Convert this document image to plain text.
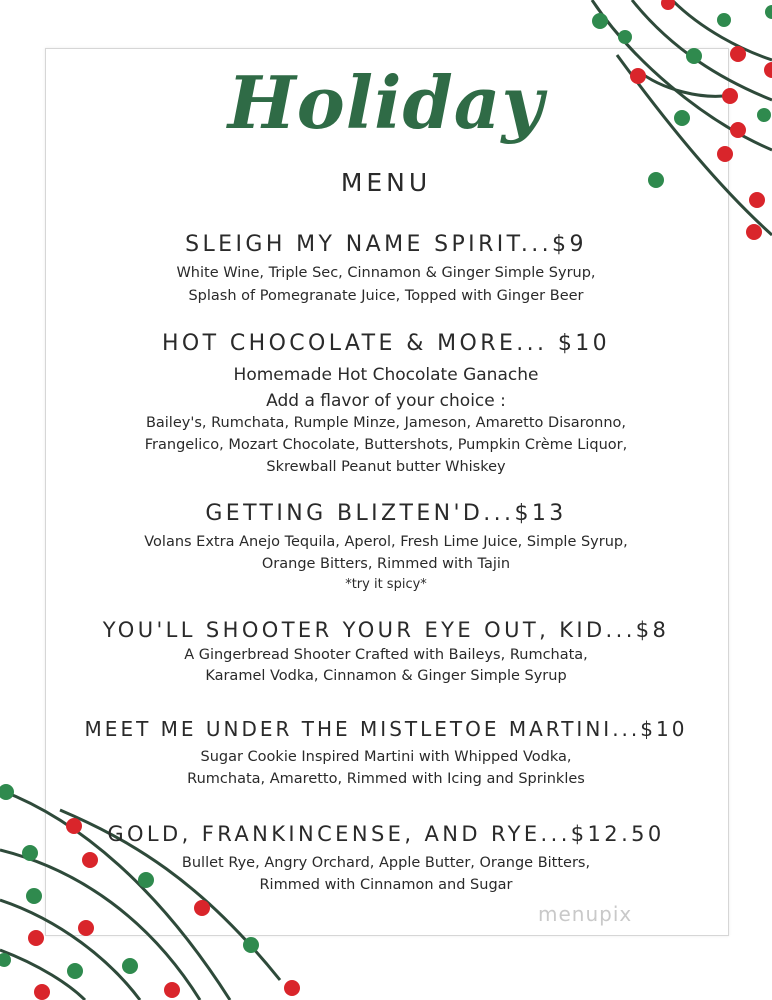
Holiday
MENU
SLEIGH MY NAME SPIRIT...$9
White Wine, Triple Sec, Cinnamon & Ginger Simple Syrup,
Splash of Pomegranate Juice, Topped with Ginger Beer
HOT CHOCOLATE & MORE... $10
Homemade Hot Chocolate Ganache
Add a flavor of your choice :
Bailey's, Rumchata, Rumple Minze, Jameson, Amaretto Disaronno,
Frangelico, Mozart Chocolate, Buttershots, Pumpkin Crème Liquor,
Skrewball Peanut butter Whiskey
GETTING BLIZTEN'D...$13
Volans Extra Anejo Tequila, Aperol, Fresh Lime Juice, Simple Syrup,
Orange Bitters, Rimmed with Tajin
*try it spicy*
YOU'LL SHOOTER YOUR EYE OUT, KID...$8
A Gingerbread Shooter Crafted with Baileys, Rumchata,
Karamel Vodka, Cinnamon & Ginger Simple Syrup
MEET ME UNDER THE MISTLETOE MARTINI...$10
Sugar Cookie Inspired Martini with Whipped Vodka,
Rumchata, Amaretto, Rimmed with Icing and Sprinkles
GOLD, FRANKINCENSE, AND RYE...$12.50
Bullet Rye, Angry Orchard, Apple Butter, Orange Bitters,
Rimmed with Cinnamon and Sugar
menupix
